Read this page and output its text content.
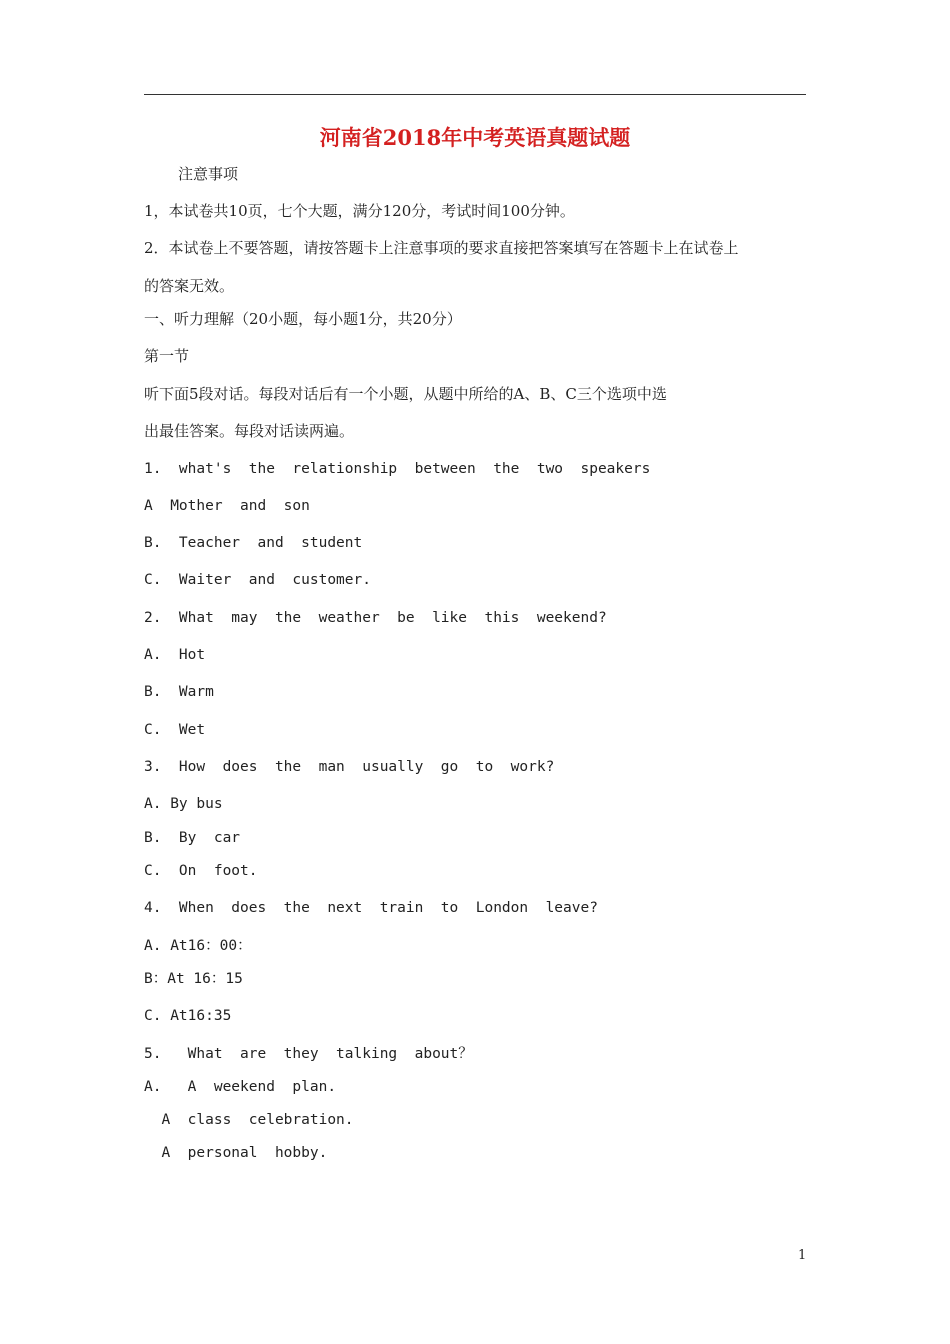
河南省2018年中考英语真题试题
注意事项
1，本试卷共10页，七个大题，满分120分，考试时间100分钟。
2．本试卷上不要答题，请按答题卡上注意事项的要求直接把答案填写在答题卡上在试卷上
的答案无效。
一、听力理解（20小题，每小题1分，共20分）
第一节
听下面5段对话。每段对话后有一个小题，从题中所给的A、B、C三个选项中选
出最佳答案。每段对话读两遍。
1.  what's  the  relationship  between  the  two  speakers
A  Mother  and  son
B.  Teacher  and  student
C.  Waiter  and  customer.
2.  What  may  the  weather  be  like  this  weekend?
A.  Hot
B.  Warm
C.  Wet
3.  How  does  the  man  usually  go  to  work?
A. By bus
B.  By  car
C.  On  foot.
4.  When  does  the  next  train  to  London  leave?
A. At16：00：
B：At 16：15
C. At16:35
5.   What  are  they  talking  about？
A.   A  weekend  plan.
A  class  celebration.
A  personal  hobby.
1
